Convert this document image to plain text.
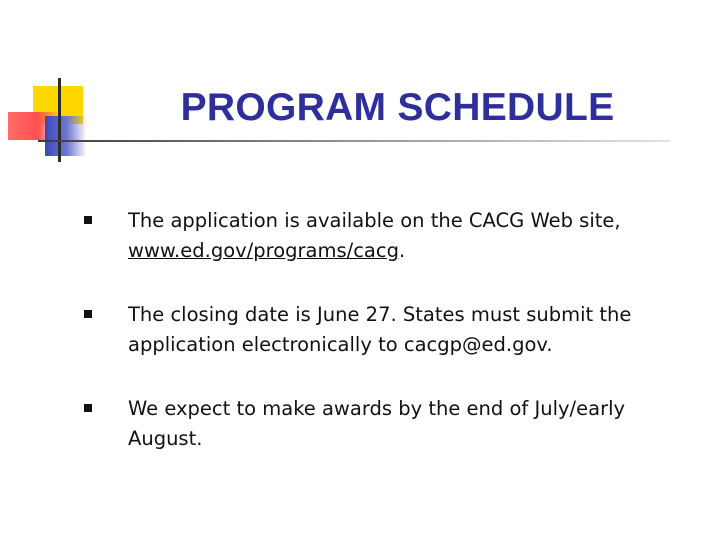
PROGRAM SCHEDULE
The application is available on the CACG Web site, www.ed.gov/programs/cacg.
The closing date is June 27. States must submit the application electronically to cacgp@ed.gov.
We expect to make awards by the end of July/early August.
